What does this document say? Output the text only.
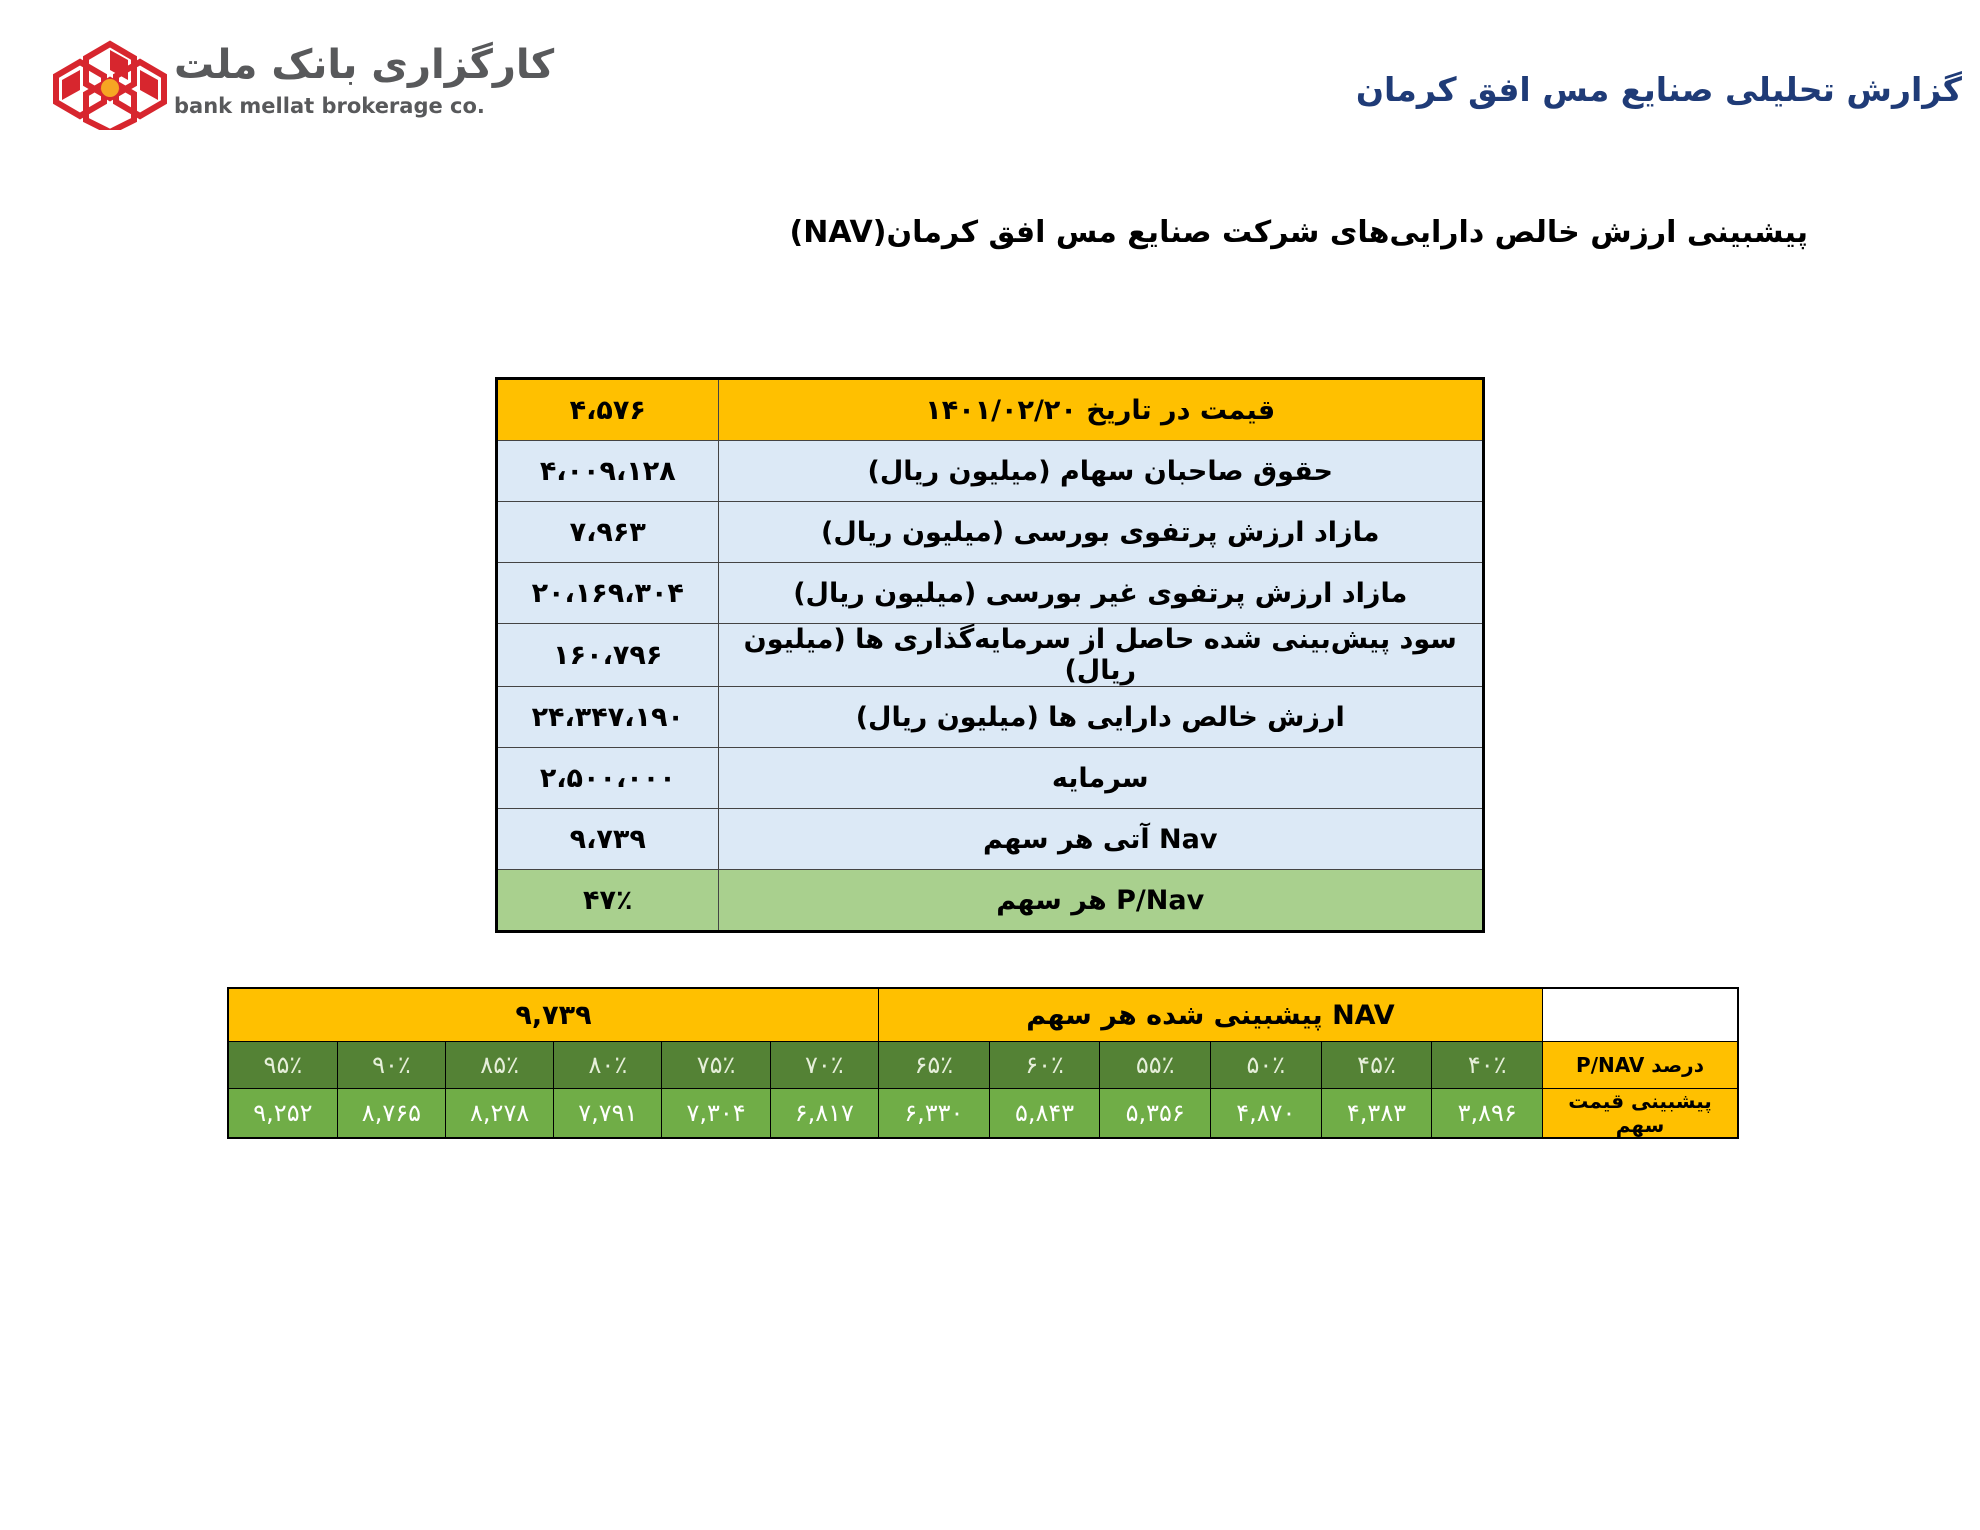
کارگزاری بانک ملت
bank mellat brokerage co.	گزارش تحلیلی صنایع مس افق کرمان
پیشبینی ارزش خالص دارایی‌های شرکت صنایع مس افق کرمان(NAV)
قیمت در تاریخ ۱۴۰۱/۰۲/۲۰	۴،۵۷۶
حقوق صاحبان سهام (میلیون ریال)	۴،۰۰۹،۱۲۸
مازاد ارزش پرتفوی بورسی (میلیون ریال)	۷،۹۶۳
مازاد ارزش پرتفوی غیر بورسی (میلیون ریال)	۲۰،۱۶۹،۳۰۴
سود پیش‌بینی شده حاصل از سرمایه‌گذاری ها (میلیون ریال)	۱۶۰،۷۹۶
ارزش خالص دارایی ها (میلیون ریال)	۲۴،۳۴۷،۱۹۰
سرمایه	۲،۵۰۰،۰۰۰
Nav آتی هر سهم	۹،۷۳۹
P/Nav هر سهم	۴۷٪
	NAV پیشبینی شده هر سهم						۹,۷۳۹					
درصد P/NAV	۴۰٪	۴۵٪	۵۰٪	۵۵٪	۶۰٪	۶۵٪	۷۰٪	۷۵٪	۸۰٪	۸۵٪	۹۰٪	۹۵٪
پیشبینی قیمت سهم	۳,۸۹۶	۴,۳۸۳	۴,۸۷۰	۵,۳۵۶	۵,۸۴۳	۶,۳۳۰	۶,۸۱۷	۷,۳۰۴	۷,۷۹۱	۸,۲۷۸	۸,۷۶۵	۹,۲۵۲
